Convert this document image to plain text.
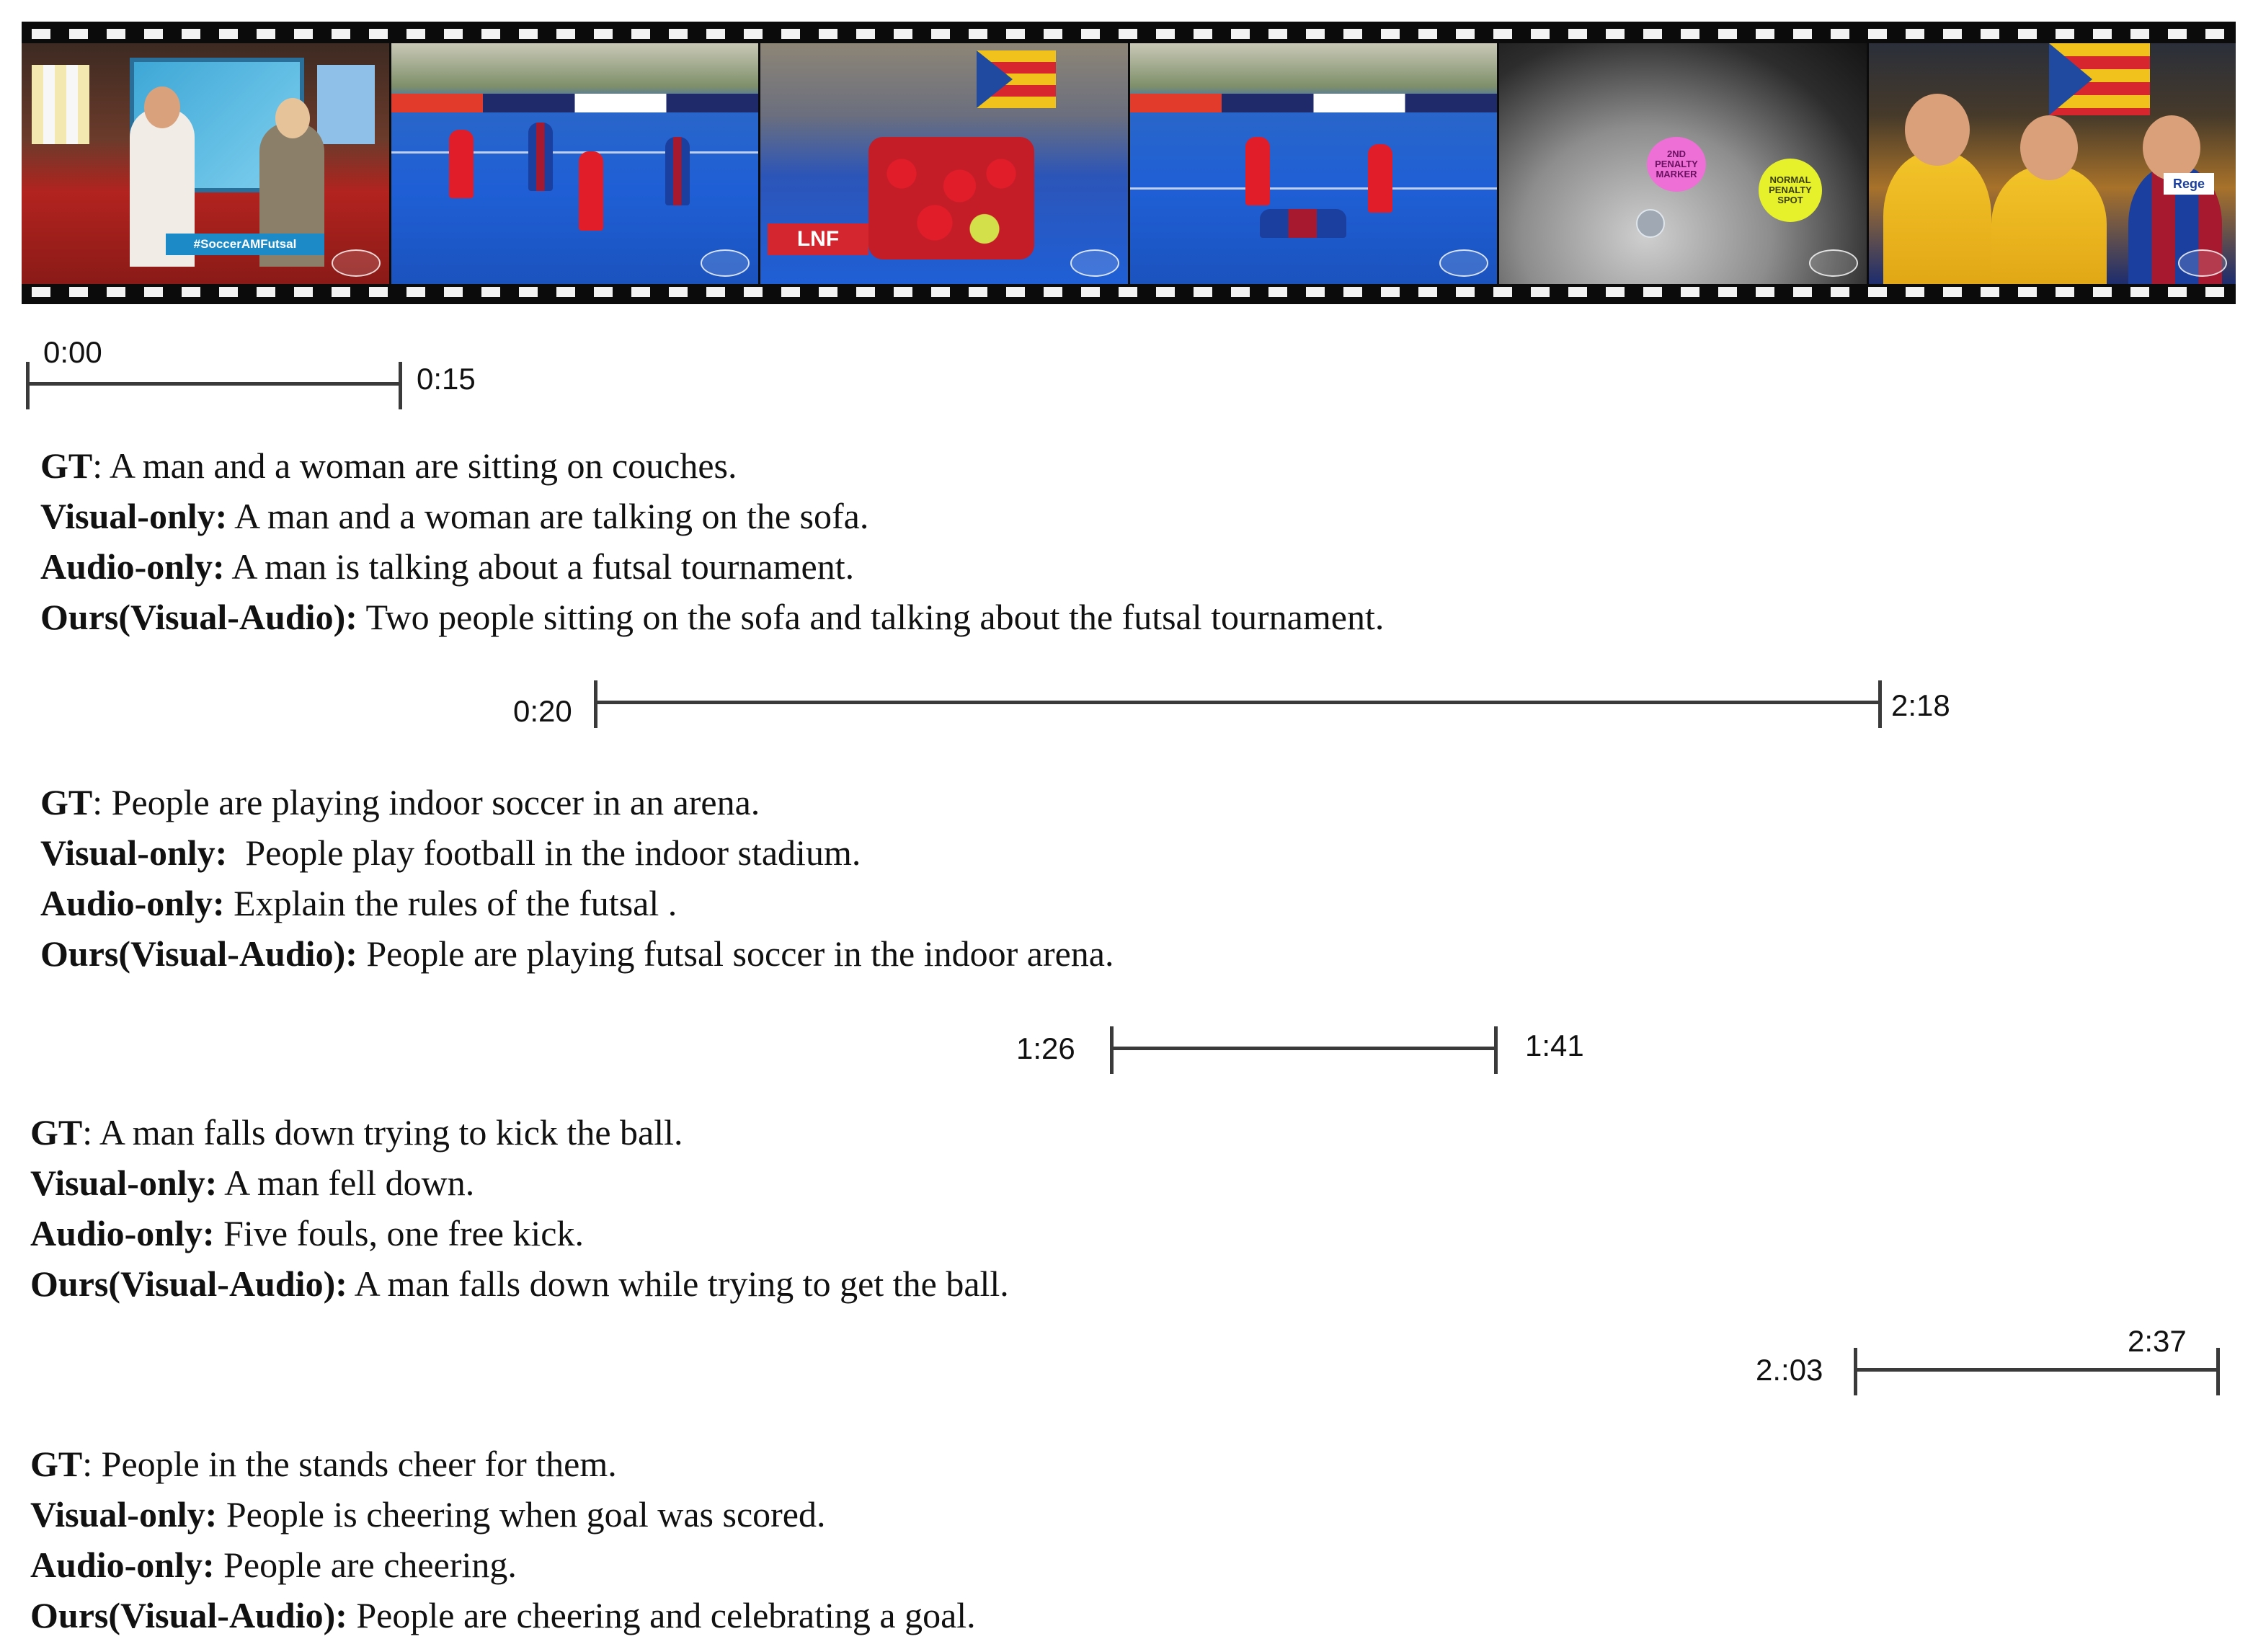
#SoccerAMFutsal	LNF
2ND PENALTY MARKER	NORMAL PENALTY SPOT
Rege
0:00
0:15
GT: A man and a woman are sitting on couches.
Visual-only: A man and a woman are talking on the sofa.
Audio-only: A man is talking about a futsal tournament.
Ours(Visual-Audio): Two people sitting on the sofa and talking about the futsal tournament.
0:20	2:18
GT: People are playing indoor soccer in an arena.
Visual-only: People play football in the indoor stadium.
Audio-only: Explain the rules of the futsal .
Ours(Visual-Audio): People are playing futsal soccer in the indoor arena.
1:26	1:41
GT: A man falls down trying to kick the ball.
Visual-only: A man fell down.
Audio-only: Five fouls, one free kick.
Ours(Visual-Audio): A man falls down while trying to get the ball.
2.:03
2:37
GT: People in the stands cheer for them.
Visual-only: People is cheering when goal was scored.
Audio-only: People are cheering.
Ours(Visual-Audio): People are cheering and celebrating a goal.
